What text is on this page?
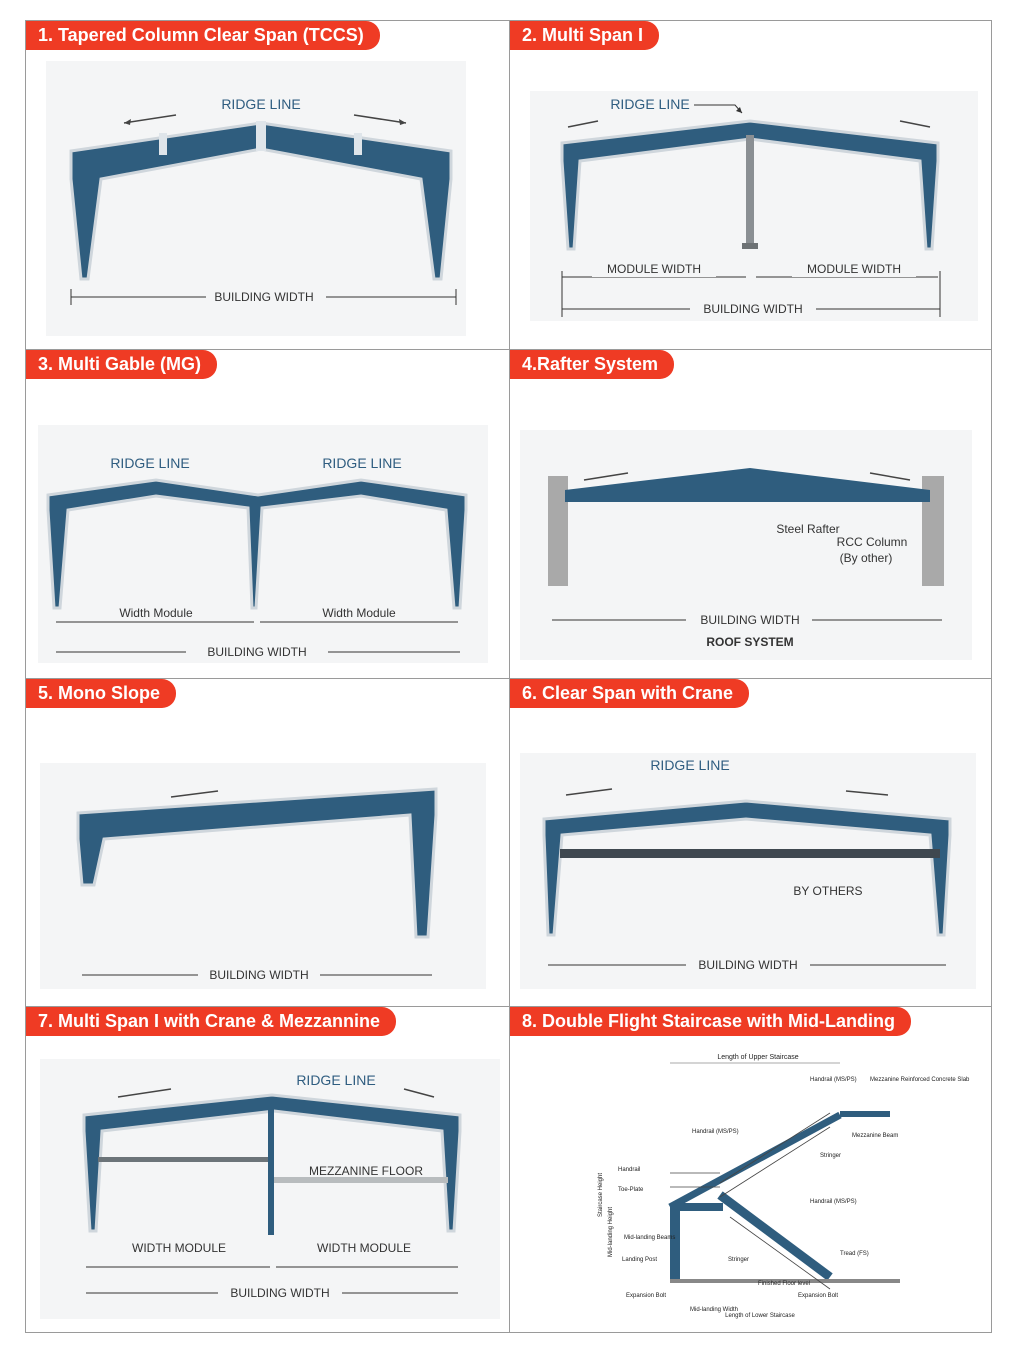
1. Tapered Column Clear Span (TCCS)
RIDGE LINE
BUILDING WIDTH
2. Multi Span I
RIDGE LINE
MODULE WIDTH	MODULE WIDTH
BUILDING WIDTH
3. Multi Gable (MG)
RIDGE LINE	RIDGE LINE
Width Module	Width Module
BUILDING WIDTH
4.Rafter System
Steel Rafter
RCC Column
(By other)
BUILDING WIDTH
ROOF SYSTEM
5. Mono Slope
BUILDING WIDTH
6. Clear Span with Crane
RIDGE LINE
BY OTHERS
BUILDING WIDTH
7. Multi Span I with Crane & Mezzannine
RIDGE LINE
MEZZANINE FLOOR
WIDTH MODULE	WIDTH MODULE
BUILDING WIDTH
8. Double Flight Staircase with Mid-Landing
Length of Upper Staircase
Handrail (MS/PS) Mezzanine Reinforced Concrete Slab
Handrail (MS/PS)
Handrail
Toe-Plate
Stringer
Mezzanine Beam
Handrail (MS/PS)
Tread (FS)
Mid-landing Beams
Landing Post	Stringer
Finished Floor level
Expansion Bolt	Expansion Bolt
Mid-landing Width
Length of Lower Staircase
Staircase Height
Mid-landing Height
